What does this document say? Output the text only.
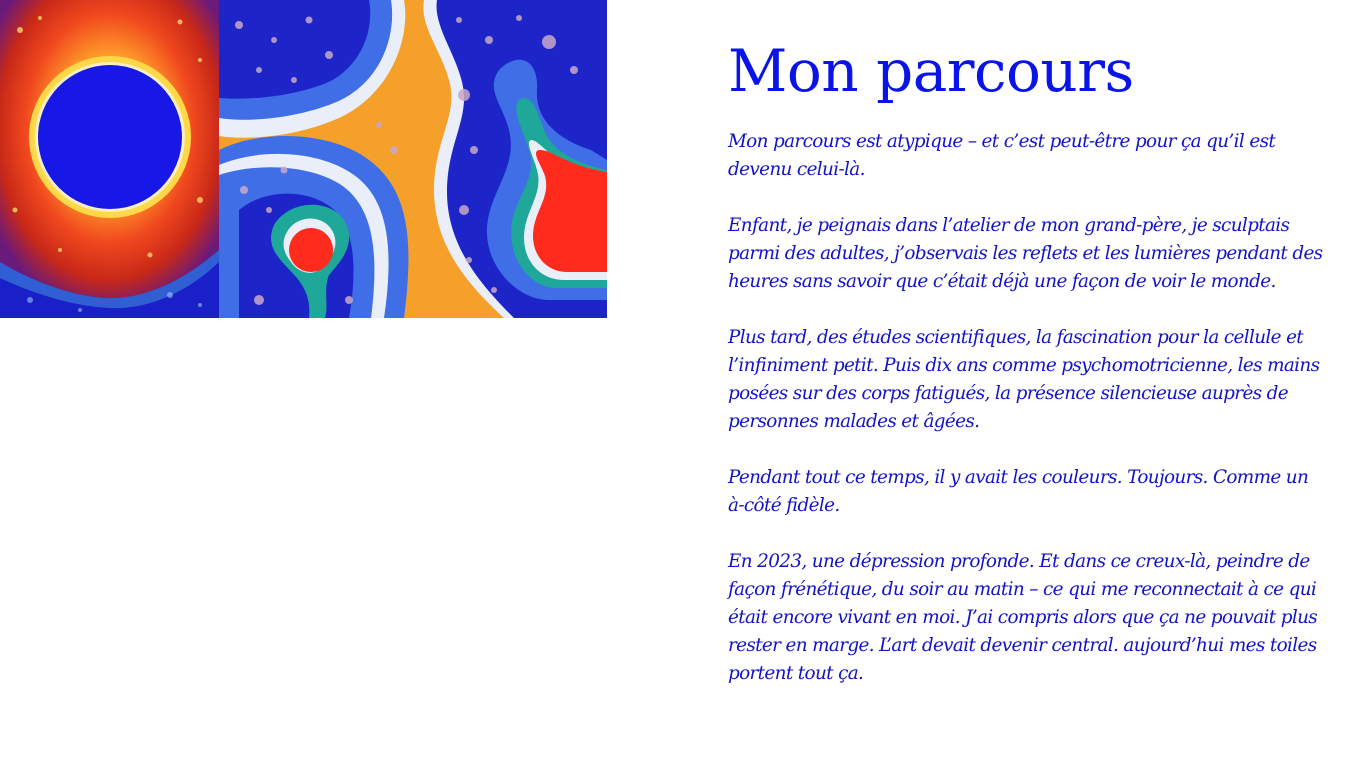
Mon parcours

Mon parcours est atypique – et c’est peut-être pour ça qu’il est devenu celui-là.

Enfant, je peignais dans l’atelier de mon grand-père, je sculptais parmi des adultes, j’observais les reflets et les lumières pendant des heures sans savoir que c’était déjà une façon de voir le monde.

Plus tard, des études scientifiques, la fascination pour la cellule et l’infiniment petit. Puis dix ans comme psychomotricienne, les mains posées sur des corps fatigués, la présence silencieuse auprès de personnes malades et âgées.

Pendant tout ce temps, il y avait les couleurs. Toujours. Comme un à-côté fidèle.

En 2023, une dépression profonde. Et dans ce creux-là, peindre de façon frénétique, du soir au matin – ce qui me reconnectait à ce qui était encore vivant en moi. J’ai compris alors que ça ne pouvait plus rester en marge. L’art devait devenir central. aujourd’hui mes toiles portent tout ça.
